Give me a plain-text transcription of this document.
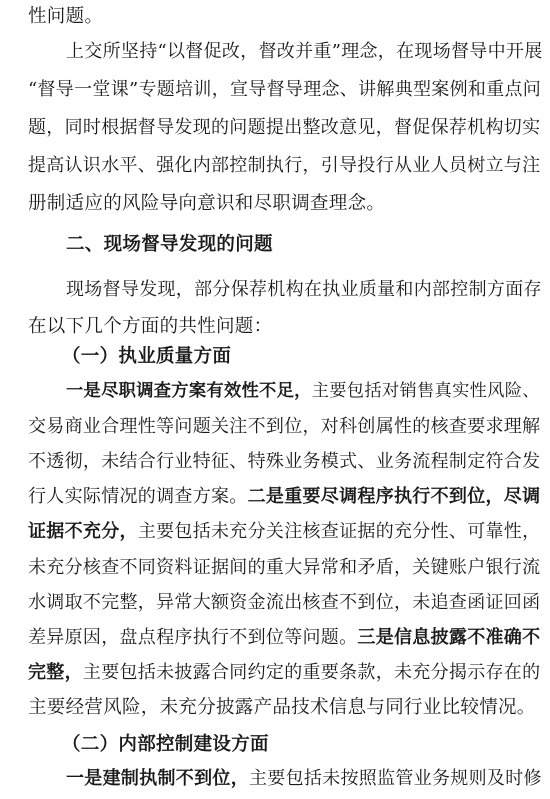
性问题。
上交所坚持“以督促改，督改并重”理念，在现场督导中开展
“督导一堂课”专题培训，宣导督导理念、讲解典型案例和重点问
题，同时根据督导发现的问题提出整改意见，督促保荐机构切实
提高认识水平、强化内部控制执行，引导投行从业人员树立与注
册制适应的风险导向意识和尽职调查理念。
二、现场督导发现的问题
现场督导发现，部分保荐机构在执业质量和内部控制方面存
在以下几个方面的共性问题：
（一）执业质量方面
一是尽职调查方案有效性不足，主要包括对销售真实性风险、
交易商业合理性等问题关注不到位，对科创属性的核查要求理解
不透彻，未结合行业特征、特殊业务模式、业务流程制定符合发
行人实际情况的调查方案。二是重要尽调程序执行不到位，尽调
证据不充分，主要包括未充分关注核查证据的充分性、可靠性，
未充分核查不同资料证据间的重大异常和矛盾，关键账户银行流
水调取不完整，异常大额资金流出核查不到位，未追查函证回函
差异原因，盘点程序执行不到位等问题。三是信息披露不准确不
完整，主要包括未披露合同约定的重要条款，未充分揭示存在的
主要经营风险，未充分披露产品技术信息与同行业比较情况。
（二）内部控制建设方面
一是建制执制不到位，主要包括未按照监管业务规则及时修
